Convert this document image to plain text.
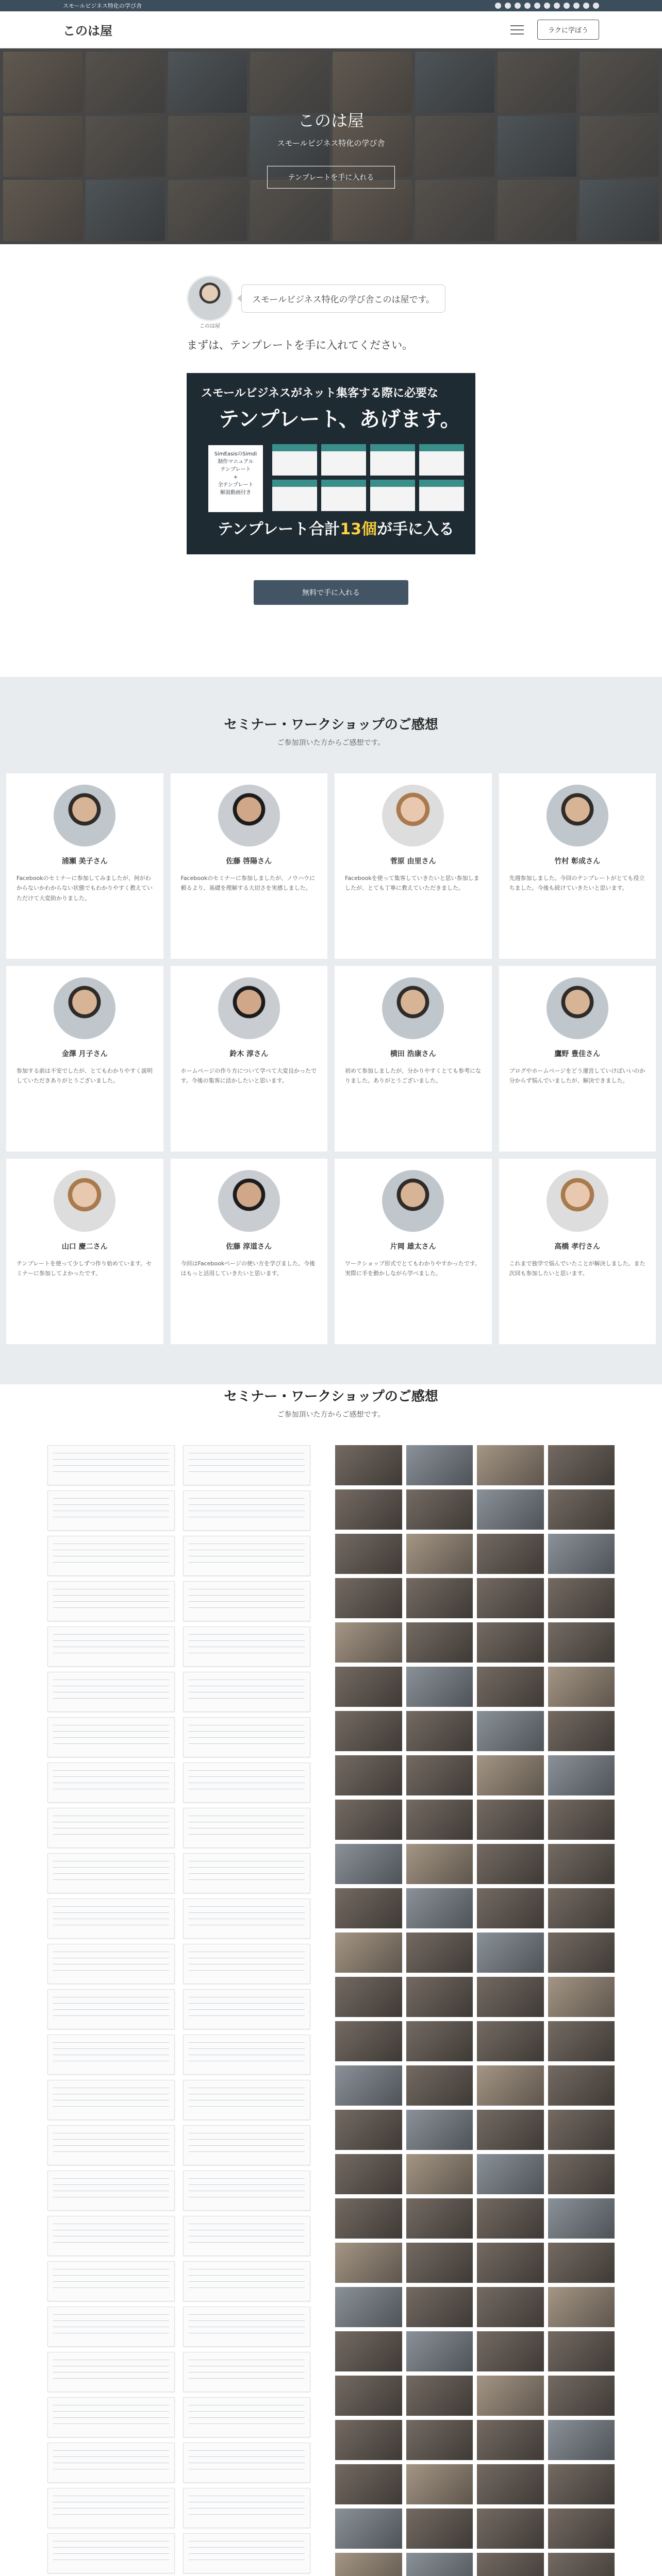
スモールビジネス特化の学び舎
このは屋	ラクに学ぼう
このは屋

スモールビジネス特化の学び舎

テンプレートを手に入れる
このは屋
スモールビジネス特化の学び舎このは屋です。

まずは、テンプレートを手に入れてください。

スモールビジネスがネット集客する際に必要な
テンプレート、あげます。
SimEasisのSimdi
制作マニュアル
テンプレート
+
全テンプレート
解説動画付き
テンプレート合計13個が手に入る
無料で手に入れる
セミナー・ワークショップのご感想

ご参加頂いた方からご感想です。

浦瀬 美子さん

Facebookのセミナーに参加してみましたが、何がわからないかわからない状態でもわかりやすく教えていただけて大変助かりました。

佐藤 啓陽さん

Facebookのセミナーに参加しましたが、ノウハウに頼るより、基礎を理解する大切さを実感しました。

菅原 由里さん

Facebookを使って集客していきたいと思い参加しましたが、とても丁寧に教えていただきました。

竹村 彰成さん

先週参加しました。今回のテンプレートがとても役立ちました。今後も続けていきたいと思います。

金澤 月子さん

参加する前は不安でしたが、とてもわかりやすく説明していただきありがとうございました。

鈴木 淳さん

ホームページの作り方について学べて大変良かったです。今後の集客に活かしたいと思います。

横田 浩康さん

初めて参加しましたが、分かりやすくとても参考になりました。ありがとうございました。

鷹野 豊佳さん

ブログやホームページをどう運営していけばいいのか分からず悩んでいましたが、解決できました。

山口 慶二さん

テンプレートを使って少しずつ作り始めています。セミナーに参加してよかったです。

佐藤 淳道さん

今回はFacebookページの使い方を学びました。今後はもっと活用していきたいと思います。

片岡 雄太さん

ワークショップ形式でとてもわかりやすかったです。実際に手を動かしながら学べました。

高橋 孝行さん

これまで独学で悩んでいたことが解決しました。また次回も参加したいと思います。

セミナー・ワークショップのご感想

ご参加頂いた方からご感想です。
